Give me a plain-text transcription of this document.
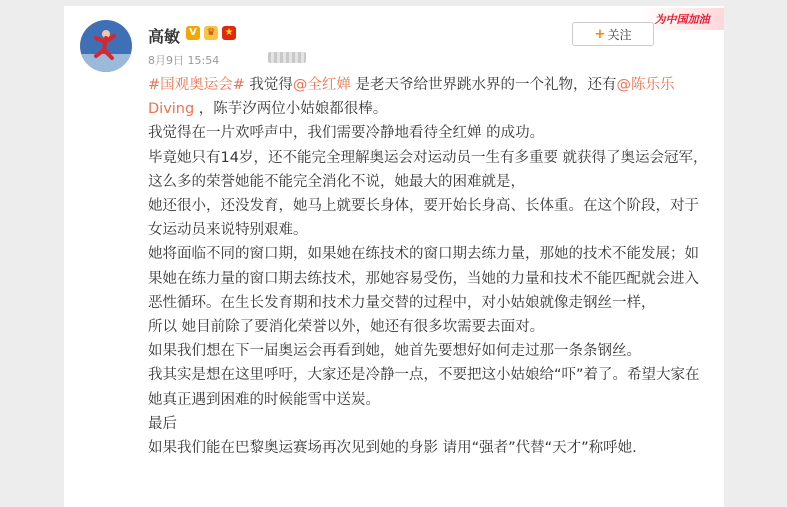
高敏 V ♛ ★
8月9日 15:54
为中国加油
+ 关注

#国观奥运会# 我觉得@全红婵 是老天爷给世界跳水界的一个礼物，还有@陈乐乐Diving ，陈芋汐两位小姑娘都很棒。

我觉得在一片欢呼声中，我们需要冷静地看待全红婵 的成功。

毕竟她只有14岁，还不能完全理解奥运会对运动员一生有多重要 就获得了奥运会冠军，这么多的荣誉她能不能完全消化不说，她最大的困难就是，

她还很小，还没发育，她马上就要长身体，要开始长身高、长体重。在这个阶段，对于女运动员来说特别艰难。

她将面临不同的窗口期，如果她在练技术的窗口期去练力量，那她的技术不能发展；如果她在练力量的窗口期去练技术，那她容易受伤，当她的力量和技术不能匹配就会进入恶性循环。在生长发育期和技术力量交替的过程中，对小姑娘就像走钢丝一样，

所以 她目前除了要消化荣誉以外，她还有很多坎需要去面对。

如果我们想在下一届奥运会再看到她，她首先要想好如何走过那一条条钢丝。

我其实是想在这里呼吁，大家还是冷静一点，不要把这小姑娘给“吓”着了。希望大家在她真正遇到困难的时候能雪中送炭。

最后

如果我们能在巴黎奥运赛场再次见到她的身影 请用“强者”代替“天才”称呼她.
